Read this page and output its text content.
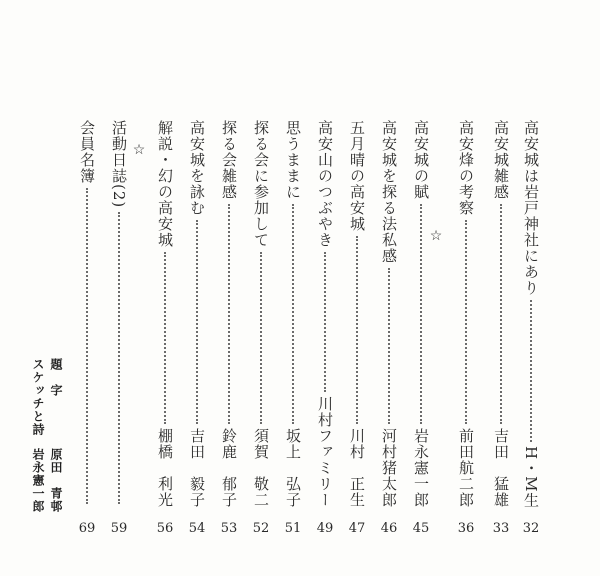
高安城は岩戸神社にあり
H・M生
32
高安城雑感
吉田　猛雄
33
高安烽の考察
前田航二郎
36
☆
高安城の賦
岩永憲一郎
45
高安城を探る法私感
河村猪太郎
46
五月晴の高安城
川村　正生
47
高安山のつぶやき
川村ファミリー
49
思うままに
坂上　弘子
51
探る会に参加して
須賀　敬二
52
探る会雑感
鈴鹿　郁子
53
高安城を詠む
吉田　毅子
54
解説・幻の高安城
棚橋　利光
56
☆
活動日誌(2)
59
会員名簿
69
題　字
原田　青邨
スケッチと詩
岩永憲一郎
